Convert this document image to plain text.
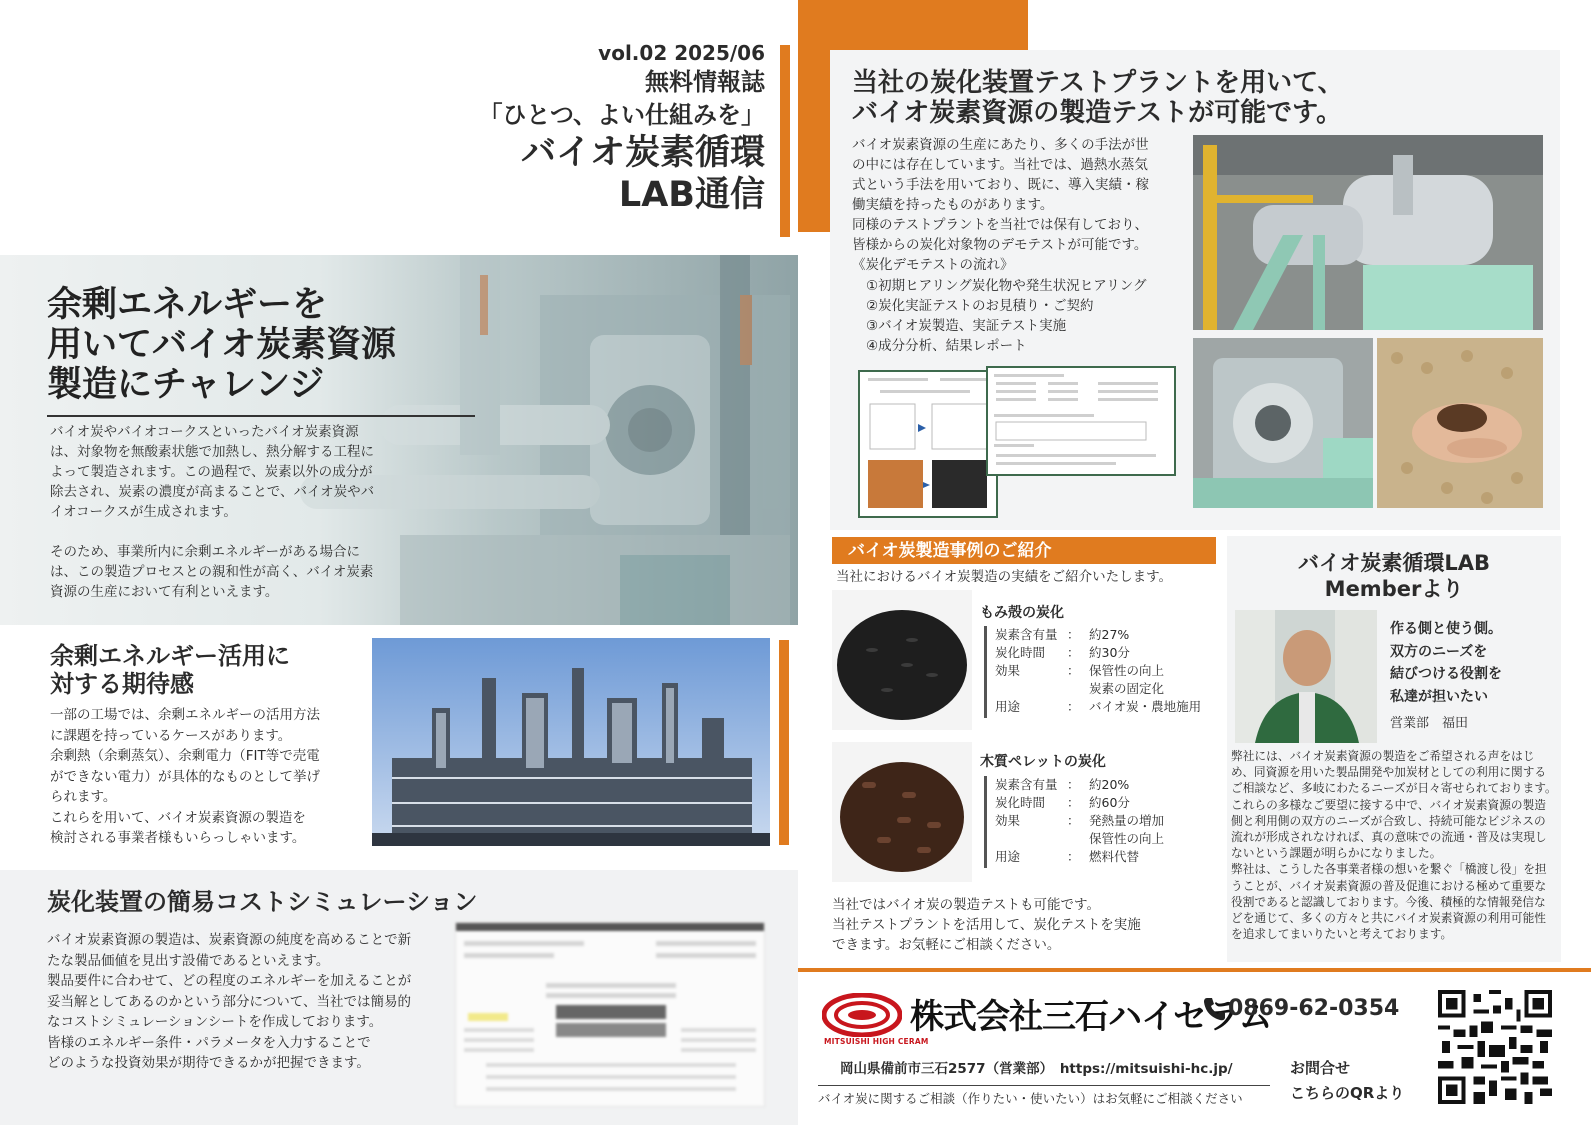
vol.02 2025/06
無料情報誌
「ひとつ、よい仕組みを」
バイオ炭素循環
LAB通信
余剰エネルギーを
用いてバイオ炭素資源
製造にチャレンジ
バイオ炭やバイオコークスといったバイオ炭素資源
は、対象物を無酸素状態で加熱し、熱分解する工程に
よって製造されます。この過程で、炭素以外の成分が
除去され、炭素の濃度が高まることで、バイオ炭やバ
イオコークスが生成されます。

そのため、事業所内に余剰エネルギーがある場合に
は、この製造プロセスとの親和性が高く、バイオ炭素
資源の生産において有利といえます。
余剰エネルギー活用に
対する期待感
一部の工場では、余剰エネルギーの活用方法
に課題を持っているケースがあります。
余剰熱（余剰蒸気）、余剰電力（FIT等で売電
ができない電力）が具体的なものとして挙げ
られます。
これらを用いて、バイオ炭素資源の製造を
検討される事業者様もいらっしゃいます。
炭化装置の簡易コストシミュレーション
バイオ炭素資源の製造は、炭素資源の純度を高めることで新
たな製品価値を見出す設備であるといえます。
製品要件に合わせて、どの程度のエネルギーを加えることが
妥当解としてあるのかという部分について、当社では簡易的
なコストシミュレーションシートを作成しております。
皆様のエネルギー条件・パラメータを入力することで
どのような投資効果が期待できるかが把握できます。
当社の炭化装置テストプラントを用いて、
バイオ炭素資源の製造テストが可能です。
バイオ炭素資源の生産にあたり、多くの手法が世
の中には存在しています。当社では、過熱水蒸気
式という手法を用いており、既に、導入実績・稼
働実績を持ったものがあります。
同様のテストプラントを当社では保有しており、
皆様からの炭化対象物のデモテストが可能です。
《炭化デモテストの流れ》
①初期ヒアリング炭化物や発生状況ヒアリング
②炭化実証テストのお見積り・ご契約
③バイオ炭製造、実証テスト実施
④成分分析、結果レポート
バイオ炭製造事例のご紹介
当社におけるバイオ炭製造の実績をご紹介いたします。
もみ殻の炭化
炭素含有量 ： 約27%
炭化時間	： 約30分
効果	： 保管性の向上
炭素の固定化
用途	： バイオ炭・農地施用
木質ペレットの炭化
炭素含有量 ： 約20%
炭化時間	： 約60分
効果	： 発熱量の増加
保管性の向上
用途	： 燃料代替
当社ではバイオ炭の製造テストも可能です。
当社テストプラントを活用して、炭化テストを実施
できます。お気軽にご相談ください。
バイオ炭素循環LAB
Memberより
作る側と使う側。
双方のニーズを
結びつける役割を
私達が担いたい
営業部　福田
弊社には、バイオ炭素資源の製造をご希望される声をはじめ、同資源を用いた製品開発や加炭材としての利用に関するご相談など、多岐にわたるニーズが日々寄せられております。
これらの多様なご要望に接する中で、バイオ炭素資源の製造側と利用側の双方のニーズが合致し、持続可能なビジネスの流れが形成されなければ、真の意味での流通・普及は実現しないという課題が明らかになりました。
弊社は、こうした各事業者様の想いを繋ぐ「橋渡し役」を担うことが、バイオ炭素資源の普及促進における極めて重要な役割であると認識しております。今後、積極的な情報発信などを通じて、多くの方々と共にバイオ炭素資源の利用可能性を追求してまいりたいと考えております。
MITSUISHI HIGH CERAM
株式会社三石ハイセラム
0869-62-0354
岡山県備前市三石2577（営業部）　https://mitsuishi-hc.jp/
バイオ炭に関するご相談（作りたい・使いたい）はお気軽にご相談ください
お問合せ
こちらのQRより
